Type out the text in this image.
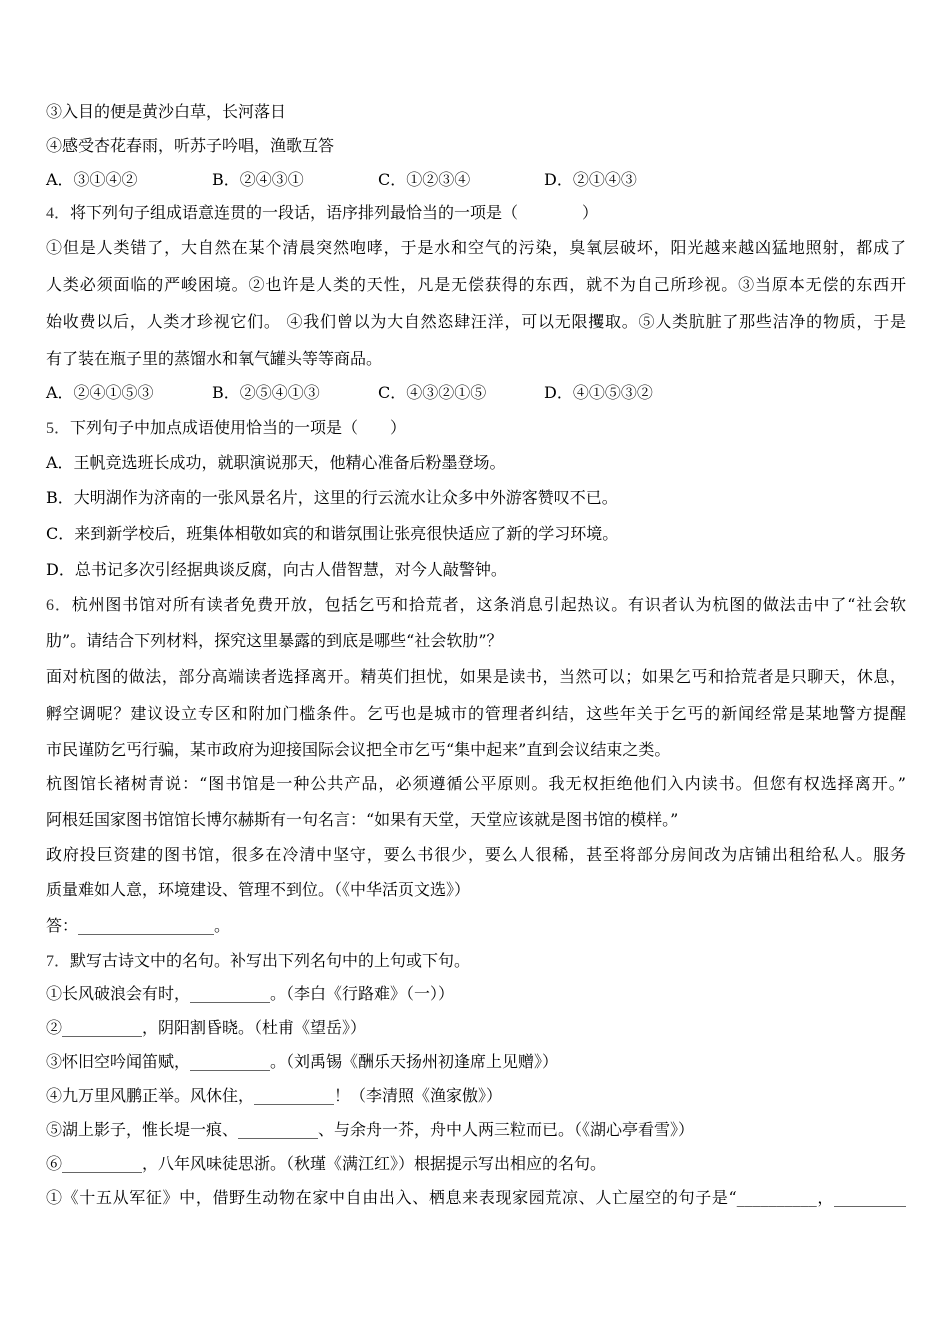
③入目的便是黄沙白草，长河落日
④感受杏花春雨，听苏子吟唱，渔歌互答
A．③①④②	B．②④③①	C．①②③④	D．②①④③
4．将下列句子组成语意连贯的一段话，语序排列最恰当的一项是（　　　　）
①但是人类错了，大自然在某个清晨突然咆哮，于是水和空气的污染，臭氧层破坏，阳光越来越凶猛地照射，都成了
人类必须面临的严峻困境。②也许是人类的天性，凡是无偿获得的东西，就不为自己所珍视。③当原本无偿的东西开
始收费以后，人类才珍视它们。 ④我们曾以为大自然恣肆汪洋，可以无限攫取。⑤人类肮脏了那些洁净的物质，于是
有了装在瓶子里的蒸馏水和氧气罐头等等商品。
A．②④①⑤③	B．②⑤④①③	C．④③②①⑤	D．④①⑤③②
5．下列句子中加点成语使用恰当的一项是（　　）
A．王帆竞选班长成功，就职演说那天，他精心准备后粉墨登场。
B．大明湖作为济南的一张风景名片，这里的行云流水让众多中外游客赞叹不已。
C．来到新学校后，班集体相敬如宾的和谐氛围让张亮很快适应了新的学习环境。
D．总书记多次引经据典谈反腐，向古人借智慧，对今人敲警钟。
6．杭州图书馆对所有读者免费开放，包括乞丐和拾荒者，这条消息引起热议。有识者认为杭图的做法击中了“社会软
肋”。请结合下列材料，探究这里暴露的到底是哪些“社会软肋”？
面对杭图的做法，部分高端读者选择离开。精英们担忧，如果是读书，当然可以；如果乞丐和拾荒者是只聊天，休息，
孵空调呢？建议设立专区和附加门槛条件。乞丐也是城市的管理者纠结，这些年关于乞丐的新闻经常是某地警方提醒
市民谨防乞丐行骗，某市政府为迎接国际会议把全市乞丐“集中起来”直到会议结束之类。
杭图馆长褚树青说：“图书馆是一种公共产品，必须遵循公平原则。我无权拒绝他们入内读书。但您有权选择离开。”
阿根廷国家图书馆馆长博尔赫斯有一句名言：“如果有天堂，天堂应该就是图书馆的模样。”
政府投巨资建的图书馆，很多在冷清中坚守，要么书很少，要么人很稀，甚至将部分房间改为店铺出租给私人。服务
质量难如人意，环境建设、管理不到位。（《中华活页文选》）
答：_________________。
7．默写古诗文中的名句。补写出下列名句中的上句或下句。
①长风破浪会有时，__________。（李白《行路难》（一））
②__________，阴阳割昏晓。（杜甫《望岳》）
③怀旧空吟闻笛赋，__________。（刘禹锡《酬乐天扬州初逢席上见赠》）
④九万里风鹏正举。风休住，__________！（李清照《渔家傲》）
⑤湖上影子，惟长堤一痕、__________、与余舟一芥，舟中人两三粒而已。（《湖心亭看雪》）
⑥__________，八年风味徒思浙。（秋瑾《满江红》）根据提示写出相应的名句。
①《十五从军征》中，借野生动物在家中自由出入、栖息来表现家园荒凉、人亡屋空的句子是“__________，_________
